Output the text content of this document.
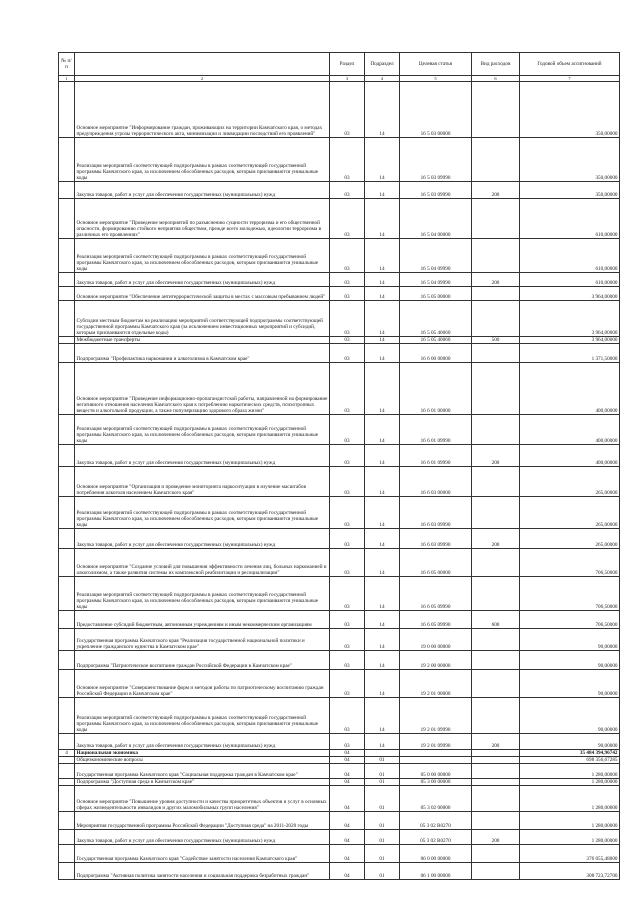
№ п/п		Раздел	Подраздел	Целевая статья	Вид расходов	Годовой объем ассигнований
1	2	3	4	5	6	7
	Основное мероприятие "Информирование граждан, проживающих на территории Камчатского края, о методах предупреждения угрозы террористического акта, минимизации и ликвидации последствий его проявлений"	03	14	16 5 03 00000		350,00000
	Реализация мероприятий соответствующей подпрограммы в рамках соответствующей государственной программы Камчатского края, за исключением обособленных расходов, которым присваиваются уникальные коды	03	14	16 5 03 09990		350,00000
	Закупка товаров, работ и услуг для обеспечения государственных (муниципальных) нужд	03	14	16 5 03 09990	200	350,00000
	Основное мероприятие "Проведение мероприятий по разъяснению сущности терроризма и его общественной опасности, формированию стойкого неприятия обществом, прежде всего молодежью, идеологии терроризма в различных его проявлениях"	03	14	16 5 04 00000		610,00000
	Реализация мероприятий соответствующей подпрограммы в рамках соответствующей государственной программы Камчатского края, за исключением обособленных расходов, которым присваиваются уникальные коды	03	14	16 5 04 09990		610,00000
	Закупка товаров, работ и услуг для обеспечения государственных (муниципальных) нужд	03	14	16 5 04 09990	200	610,00000
	Основное мероприятие "Обеспечение антитеррористической защиты в местах с массовым пребыванием людей"	03	14	16 5 05 00000		3 964,00000
	Субсидии местным бюджетам на реализацию мероприятий соответствующей подпрограммы соответствующей государственной программы Камчатского края (за исключением инвестиционных мероприятий и субсидий, которым присваиваются отдельные коды)	03	14	16 5 05 40060		3 964,00000
	Межбюджетные трансферты	03	14	16 5 05 40060	500	3 964,00000
	Подпрограмма "Профилактика наркомании и алкоголизма в Камчатском крае"	03	14	16 6 00 00000		1 371,50000
	Основное мероприятие "Проведение информационно-пропагандистской работы, направленной на формирование негативного отношения населения Камчатского края к потреблению наркотических средств, психотропных веществ и алкогольной продукции, а также популяризацию здорового образа жизни"	03	14	16 6 01 00000		400,00000
	Реализация мероприятий соответствующей подпрограммы в рамках соответствующей государственной программы Камчатского края, за исключением обособленных расходов, которым присваиваются уникальные коды	03	14	16 6 01 09990		400,00000
	Закупка товаров, работ и услуг для обеспечения государственных (муниципальных) нужд	03	14	16 6 01 09990	200	400,00000
	Основное мероприятие "Организация и проведение мониторинга наркоситуации в изучение масштабов потребления алкоголя населением Камчатского края"	03	14	16 6 03 00000		265,00000
	Реализация мероприятий соответствующей подпрограммы в рамках соответствующей государственной программы Камчатского края, за исключением обособленных расходов, которым присваиваются уникальные коды	03	14	16 6 03 09990		265,00000
	Закупка товаров, работ и услуг для обеспечения государственных (муниципальных) нужд	03	14	16 6 03 09990	200	265,00000
	Основное мероприятие "Создание условий для повышения эффективности лечения лиц, больных наркоманией и алкоголизмом, а также развития системы их комплексной реабилитации и ресоциализации"	03	14	16 6 05 00000		706,50000
	Реализация мероприятий соответствующей подпрограммы в рамках соответствующей государственной программы Камчатского края, за исключением обособленных расходов, которым присваиваются уникальные коды	03	14	16 6 05 09990		706,50000
	Предоставление субсидий бюджетным, автономным учреждениям и иным некоммерческим организациям	03	14	16 6 05 09990	600	706,50000
	Государственная программа Камчатского края "Реализация государственной национальной политики и укрепление гражданского единства в Камчатском крае"	03	14	19 0 00 00000		90,00000
	Подпрограмма "Патриотическое воспитание граждан Российской Федерации в Камчатском крае"	03	14	19 2 00 00000		90,00000
	Основное мероприятие "Совершенствование форм и методов работы по патриотическому воспитанию граждан Российской Федерации в Камчатском крае"	03	14	19 2 01 00000		90,00000
	Реализация мероприятий соответствующей подпрограммы в рамках соответствующей государственной программы Камчатского края, за исключением обособленных расходов, которым присваиваются уникальные коды	03	14	19 2 01 09990		90,00000
	Закупка товаров, работ и услуг для обеспечения государственных (муниципальных) нужд	03	14	19 2 01 09990	200	90,00000
4	Национальная экономика	04				35 484 394,96742
	Общеэкономические вопросы	04	01			698 356,67285
	Государственная программа Камчатского края "Социальная поддержка граждан в Камчатском крае"	04	01	05 0 00 00000		1 280,00000
	Подпрограмма "Доступная среда в Камчатском крае"	04	01	05 3 00 00000		1 280,00000
	Основное мероприятие "Повышение уровня доступности и качества приоритетных объектов и услуг в основных сферах жизнедеятельности инвалидов и других маломобильных групп населения"	04	01	05 3 02 00000		1 280,00000
	Мероприятия государственной программы Российской Федерации "Доступная среда" на 2011-2020 годы	04	01	05 3 02 R0270		1 280,00000
	Закупка товаров, работ и услуг для обеспечения государственных (муниципальных) нужд	04	01	05 3 02 R0270	200	1 280,00000
	Государственная программа Камчатского края "Содействие занятости населения Камчатского края"	04	01	06 0 00 00000		376 055,48000
	Подпрограмма "Активная политика занятости населения и социальная поддержка безработных граждан"	04	01	06 1 00 00000		308 723,72700
